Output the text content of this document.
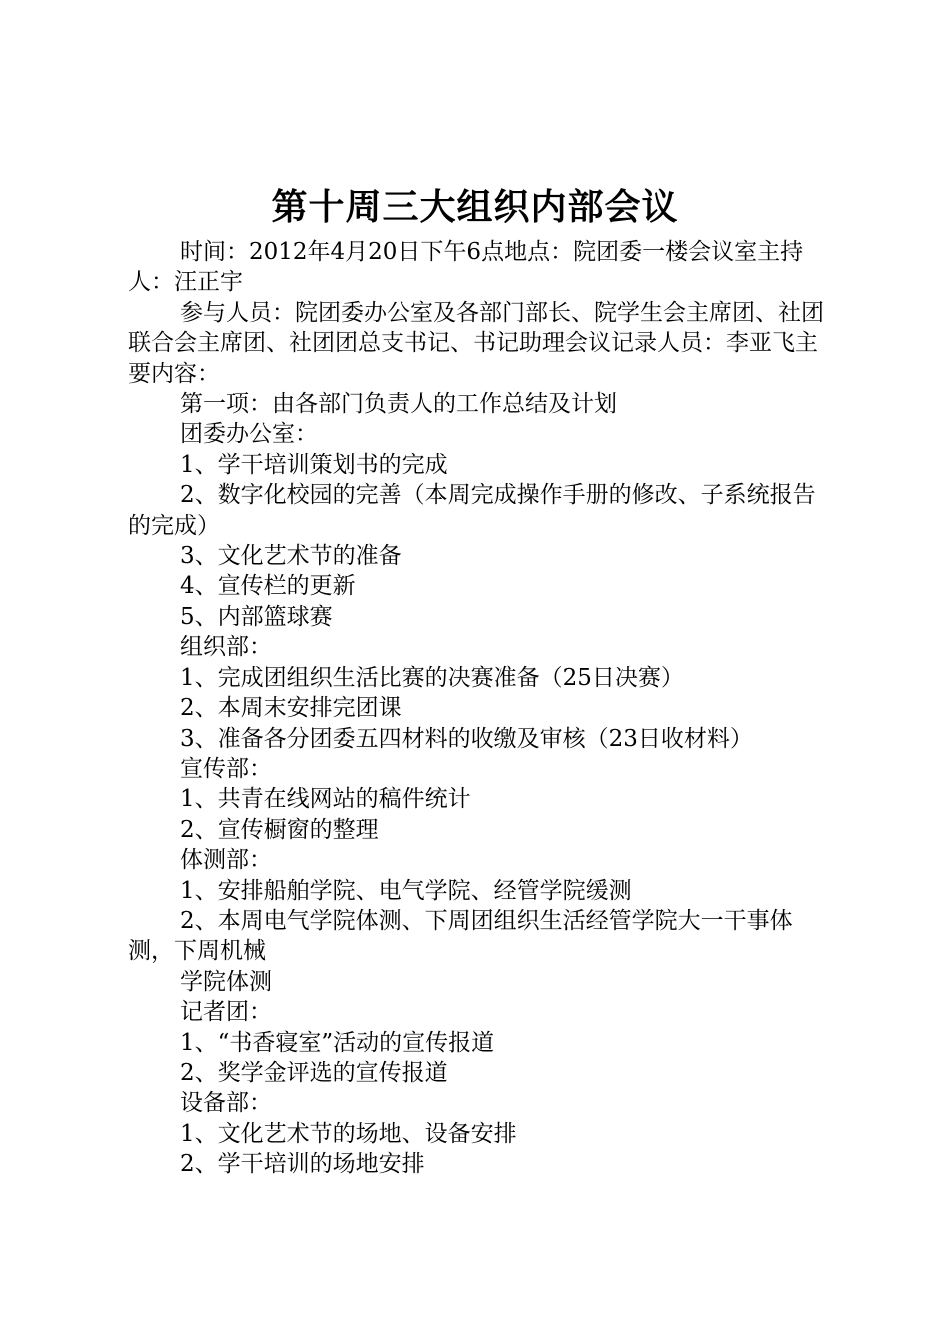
第十周三大组织内部会议

时间：2012年4月20日下午6点地点：院团委一楼会议室主持人：汪正宇

参与人员：院团委办公室及各部门部长、院学生会主席团、社团联合会主席团、社团团总支书记、书记助理会议记录人员：李亚飞主要内容：

第一项：由各部门负责人的工作总结及计划

团委办公室：

1、学干培训策划书的完成

2、数字化校园的完善（本周完成操作手册的修改、子系统报告的完成）

3、文化艺术节的准备

4、宣传栏的更新

5、内部篮球赛

组织部：

1、完成团组织生活比赛的决赛准备（25日决赛）

2、本周末安排完团课

3、准备各分团委五四材料的收缴及审核（23日收材料）

宣传部：

1、共青在线网站的稿件统计

2、宣传橱窗的整理

体测部：

1、安排船舶学院、电气学院、经管学院缓测

2、本周电气学院体测、下周团组织生活经管学院大一干事体测，下周机械

学院体测

记者团：

1、“书香寝室”活动的宣传报道

2、奖学金评选的宣传报道

设备部：

1、文化艺术节的场地、设备安排

2、学干培训的场地安排
